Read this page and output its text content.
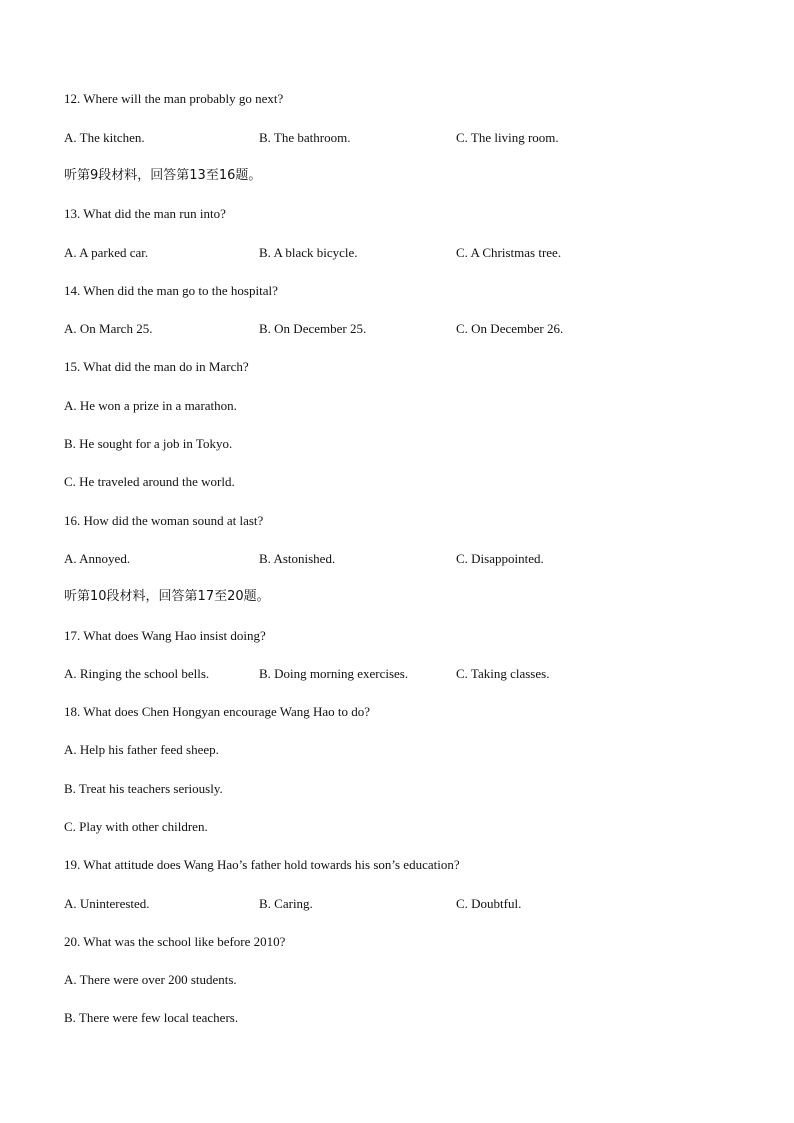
12. Where will the man probably go next?
A. The kitchen.	B. The bathroom.	C. The living room.
听第9段材料，回答第13至16题。
13. What did the man run into?
A. A parked car.	B. A black bicycle.	C. A Christmas tree.
14. When did the man go to the hospital?
A. On March 25.	B. On December 25.	C. On December 26.
15. What did the man do in March?
A. He won a prize in a marathon.
B. He sought for a job in Tokyo.
C. He traveled around the world.
16. How did the woman sound at last?
A. Annoyed.	B. Astonished.	C. Disappointed.
听第10段材料，回答第17至20题。
17. What does Wang Hao insist doing?
A. Ringing the school bells.	B. Doing morning exercises.	C. Taking classes.
18. What does Chen Hongyan encourage Wang Hao to do?
A. Help his father feed sheep.
B. Treat his teachers seriously.
C. Play with other children.
19. What attitude does Wang Hao’s father hold towards his son’s education?
A. Uninterested.	B. Caring.	C. Doubtful.
20. What was the school like before 2010?
A. There were over 200 students.
B. There were few local teachers.
